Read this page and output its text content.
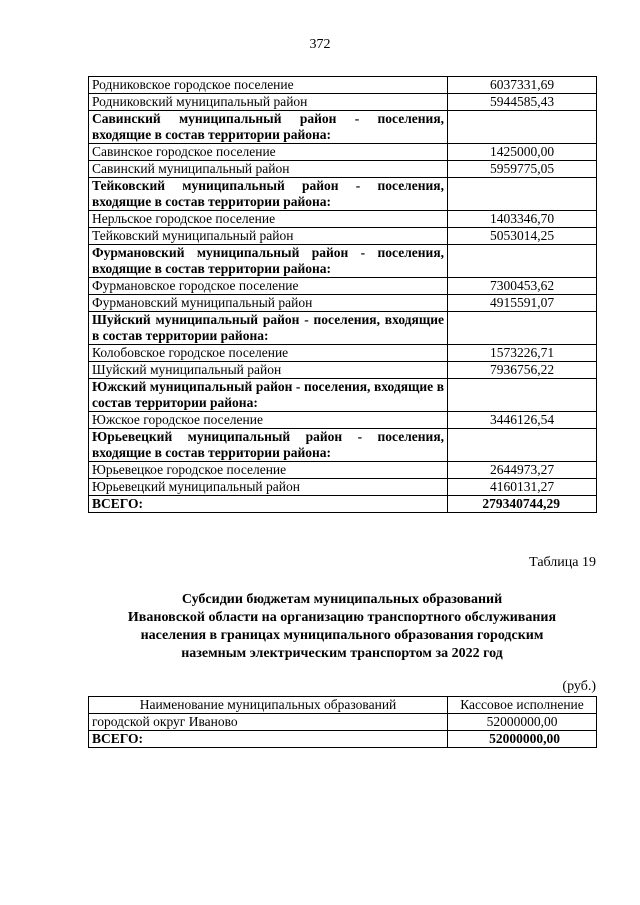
372
Родниковское городское поселение	6037331,69
Родниковский муниципальный район	5944585,43
Савинский муниципальный район - поселения, входящие в состав территории района:	
Савинское городское поселение	1425000,00
Савинский муниципальный район	5959775,05
Тейковский муниципальный район - поселения, входящие в состав территории района:	
Нерльское городское поселение	1403346,70
Тейковский муниципальный район	5053014,25
Фурмановский муниципальный район - поселения, входящие в состав территории района:	
Фурмановское городское поселение	7300453,62
Фурмановский муниципальный район	4915591,07
Шуйский муниципальный район - поселения, входящие в состав территории района:	
Колобовское городское поселение	1573226,71
Шуйский муниципальный район	7936756,22
Южский муниципальный район - поселения, входящие в состав территории района:	
Южское городское поселение	3446126,54
Юрьевецкий муниципальный район - поселения, входящие в состав территории района:	
Юрьевецкое городское поселение	2644973,27
Юрьевецкий муниципальный район	4160131,27
ВСЕГО:	279340744,29
Таблица 19
Субсидии бюджетам муниципальных образований
Ивановской области на организацию транспортного обслуживания
населения в границах муниципального образования городским
наземным электрическим транспортом за 2022 год
(руб.)
Наименование муниципальных образований	Кассовое исполнение
городской округ Иваново	52000000,00
ВСЕГО:	52000000,00
